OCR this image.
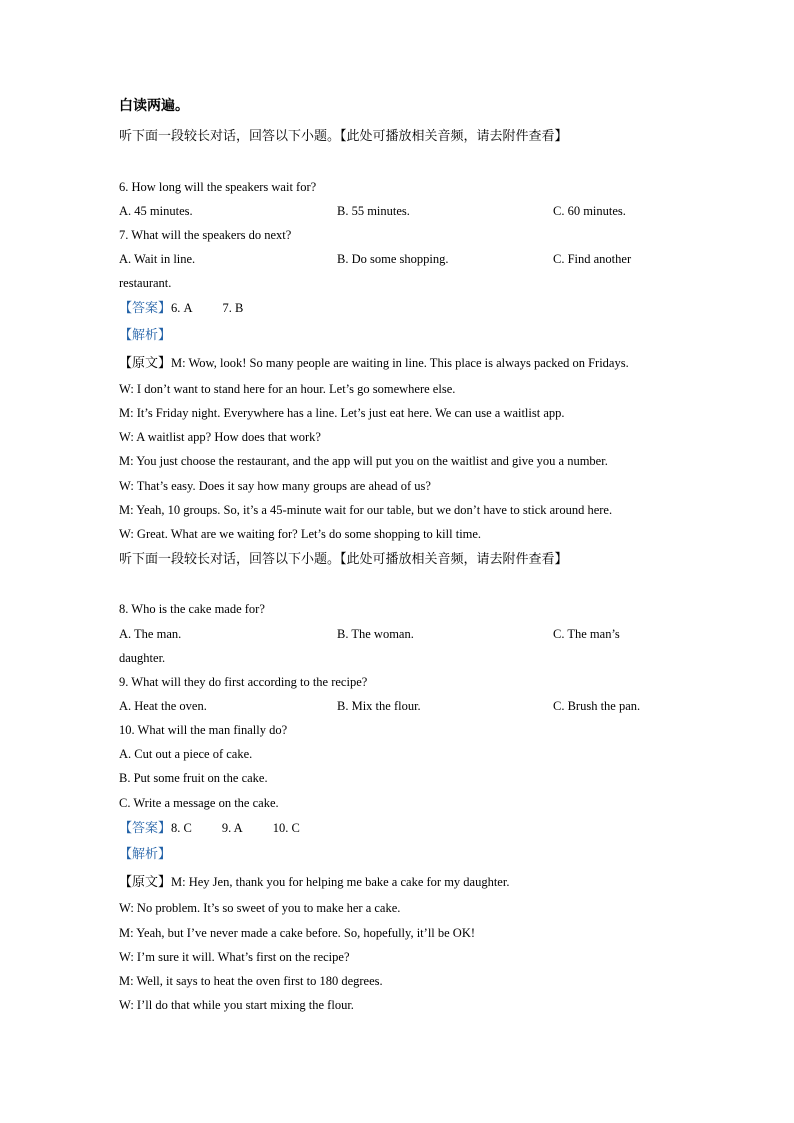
白读两遍。
听下面一段较长对话，回答以下小题。【此处可播放相关音频，请去附件查看】
6. How long will the speakers wait for?
A. 45 minutes.	B. 55 minutes.	C. 60 minutes.
7. What will the speakers do next?
A. Wait in line.	B. Do some shopping.	C. Find another
restaurant.
【答案】6. A 7. B
【解析】
【原文】M: Wow, look! So many people are waiting in line. This place is always packed on Fridays.
W: I don’t want to stand here for an hour. Let’s go somewhere else.
M: It’s Friday night. Everywhere has a line. Let’s just eat here. We can use a waitlist app.
W: A waitlist app? How does that work?
M: You just choose the restaurant, and the app will put you on the waitlist and give you a number.
W: That’s easy. Does it say how many groups are ahead of us?
M: Yeah, 10 groups. So, it’s a 45-minute wait for our table, but we don’t have to stick around here.
W: Great. What are we waiting for? Let’s do some shopping to kill time.
听下面一段较长对话，回答以下小题。【此处可播放相关音频，请去附件查看】
8. Who is the cake made for?
A. The man.	B. The woman.	C. The man’s
daughter.
9. What will they do first according to the recipe?
A. Heat the oven.	B. Mix the flour.	C. Brush the pan.
10. What will the man finally do?
A. Cut out a piece of cake.
B. Put some fruit on the cake.
C. Write a message on the cake.
【答案】8. C 9. A 10. C
【解析】
【原文】M: Hey Jen, thank you for helping me bake a cake for my daughter.
W: No problem. It’s so sweet of you to make her a cake.
M: Yeah, but I’ve never made a cake before. So, hopefully, it’ll be OK!
W: I’m sure it will. What’s first on the recipe?
M: Well, it says to heat the oven first to 180 degrees.
W: I’ll do that while you start mixing the flour.
